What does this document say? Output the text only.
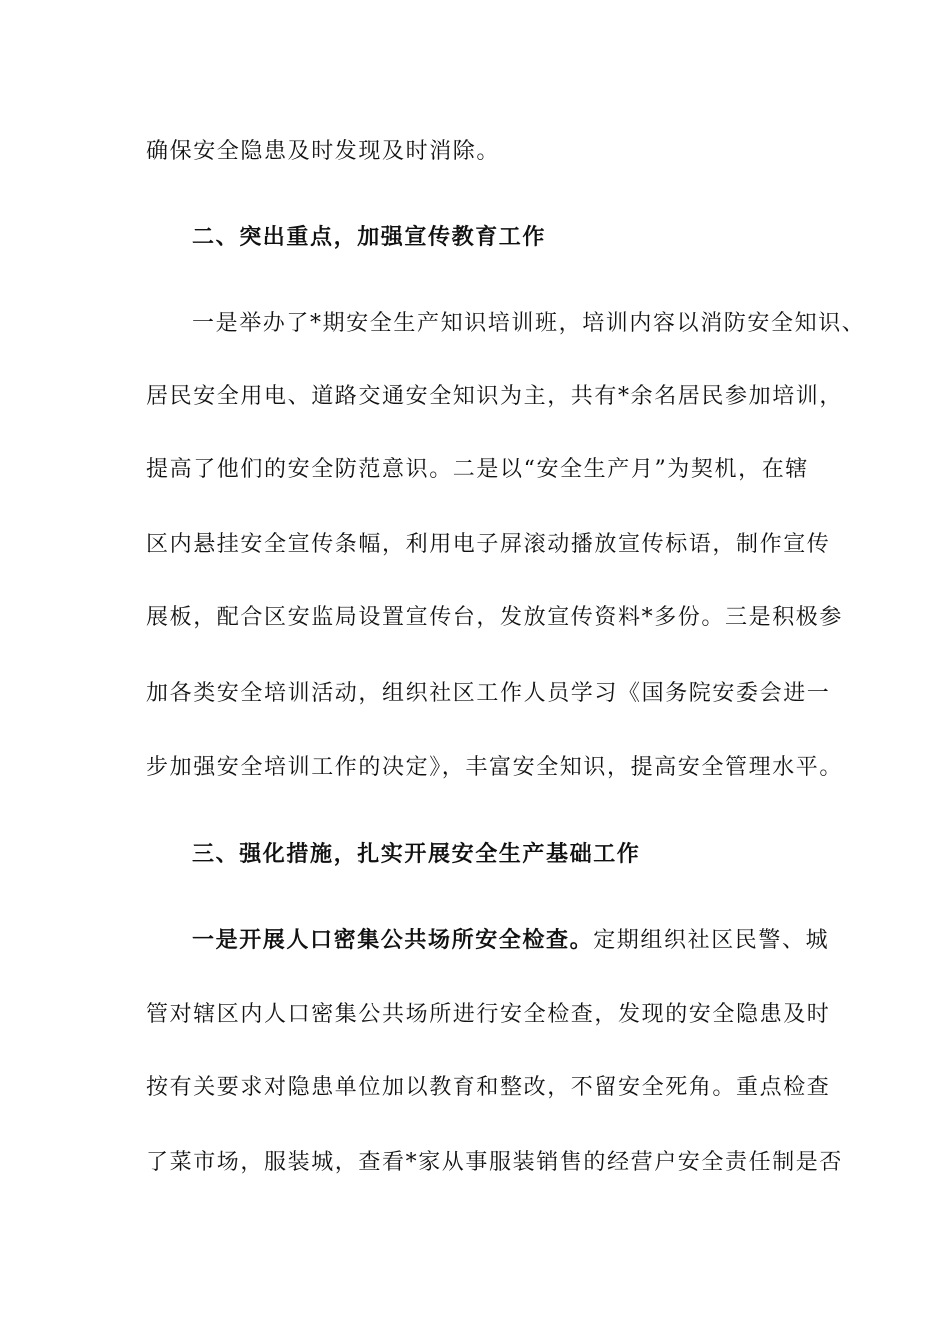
确保安全隐患及时发现及时消除。
二、突出重点，加强宣传教育工作
一是举办了*期安全生产知识培训班，培训内容以消防安全知识、
居民安全用电、道路交通安全知识为主，共有*余名居民参加培训，
提高了他们的安全防范意识。二是以“安全生产月”为契机，在辖
区内悬挂安全宣传条幅，利用电子屏滚动播放宣传标语，制作宣传
展板，配合区安监局设置宣传台，发放宣传资料*多份。三是积极参
加各类安全培训活动，组织社区工作人员学习《国务院安委会进一
步加强安全培训工作的决定》，丰富安全知识，提高安全管理水平。
三、强化措施，扎实开展安全生产基础工作
一是开展人口密集公共场所安全检查。定期组织社区民警、城
管对辖区内人口密集公共场所进行安全检查，发现的安全隐患及时
按有关要求对隐患单位加以教育和整改，不留安全死角。重点检查
了菜市场，服装城，查看*家从事服装销售的经营户安全责任制是否
